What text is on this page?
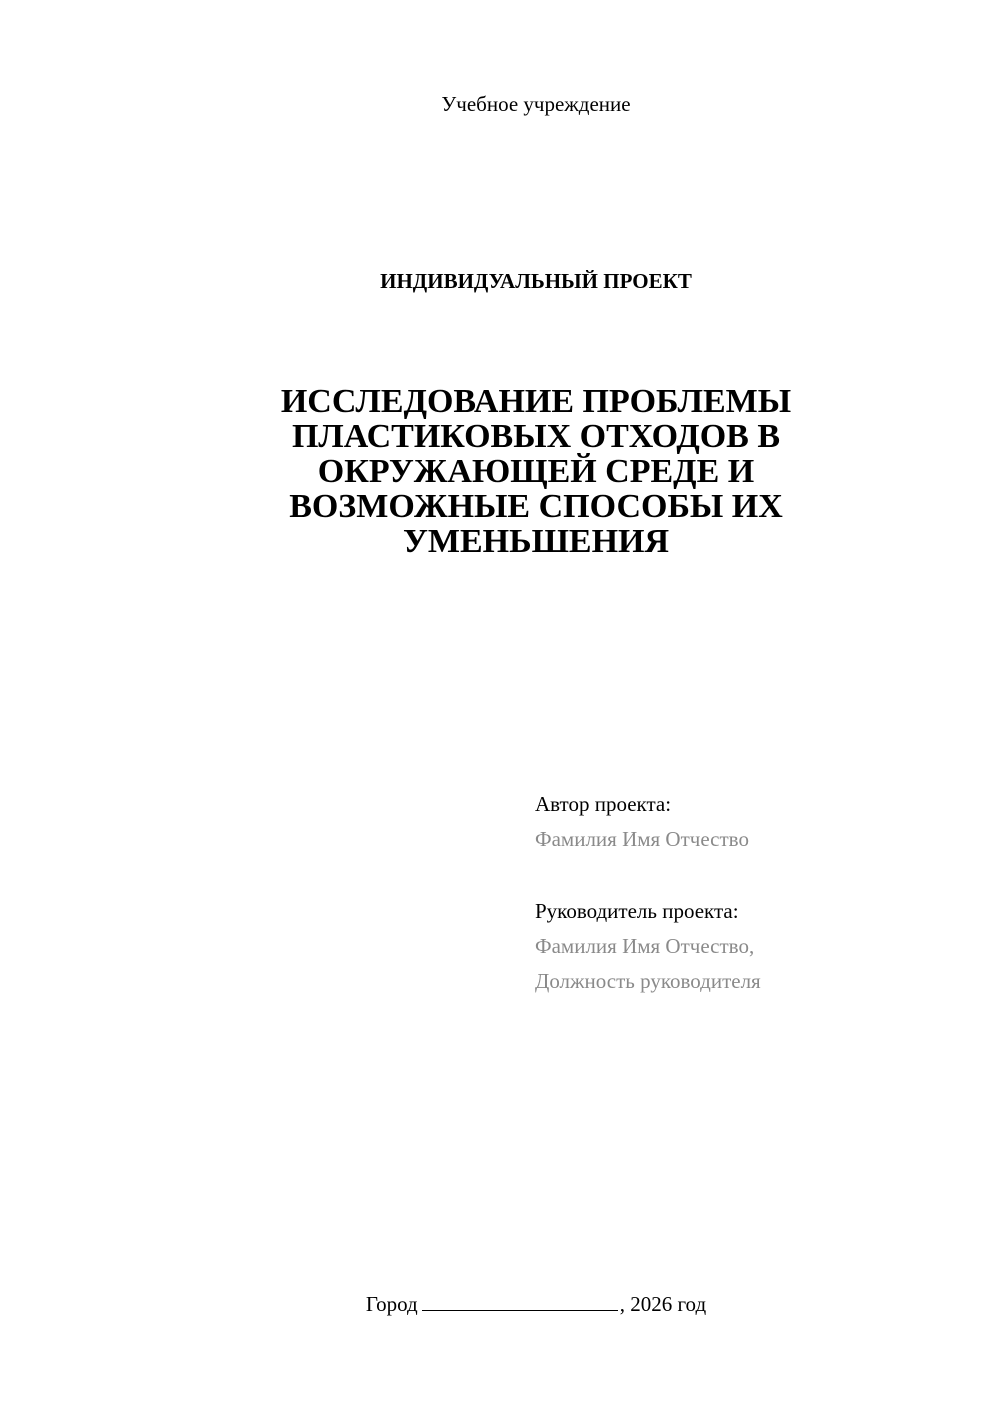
Учебное учреждение
ИНДИВИДУАЛЬНЫЙ ПРОЕКТ
ИССЛЕДОВАНИЕ ПРОБЛЕМЫ
ПЛАСТИКОВЫХ ОТХОДОВ В
ОКРУЖАЮЩЕЙ СРЕДЕ И
ВОЗМОЖНЫЕ СПОСОБЫ ИХ
УМЕНЬШЕНИЯ
Автор проекта:
Фамилия Имя Отчество
Руководитель проекта:
Фамилия Имя Отчество,
Должность руководителя
Город	, 2026 год
